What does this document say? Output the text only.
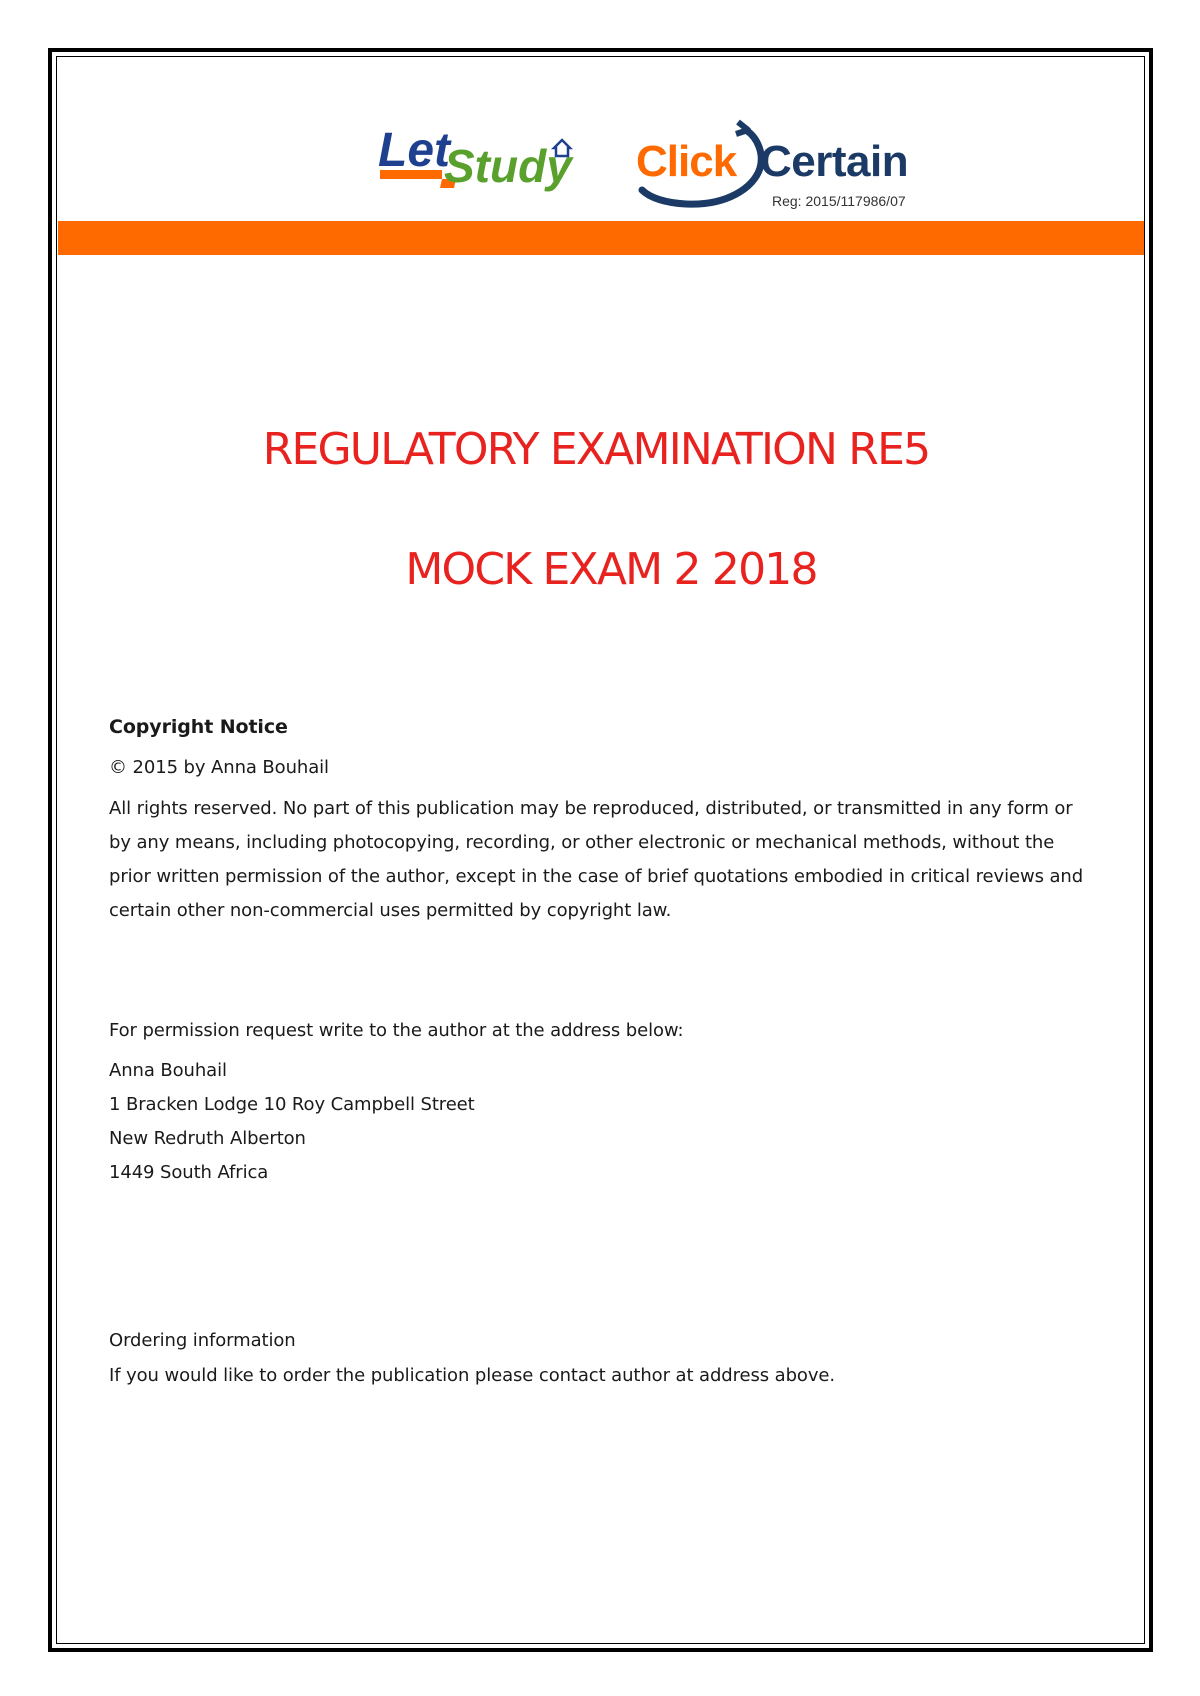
Let
Study Click Certain
Reg: 2015/117986/07
REGULATORY EXAMINATION RE5
MOCK EXAM 2 2018
Copyright Notice
© 2015 by Anna Bouhail
All rights reserved. No part of this publication may be reproduced, distributed, or transmitted in any form or by any means, including photocopying, recording, or other electronic or mechanical methods, without the prior written permission of the author, except in the case of brief quotations embodied in critical reviews and certain other non-commercial uses permitted by copyright law.
For permission request write to the author at the address below:
Anna Bouhail
1 Bracken Lodge 10 Roy Campbell Street
New Redruth Alberton
1449 South Africa
Ordering information
If you would like to order the publication please contact author at address above.
